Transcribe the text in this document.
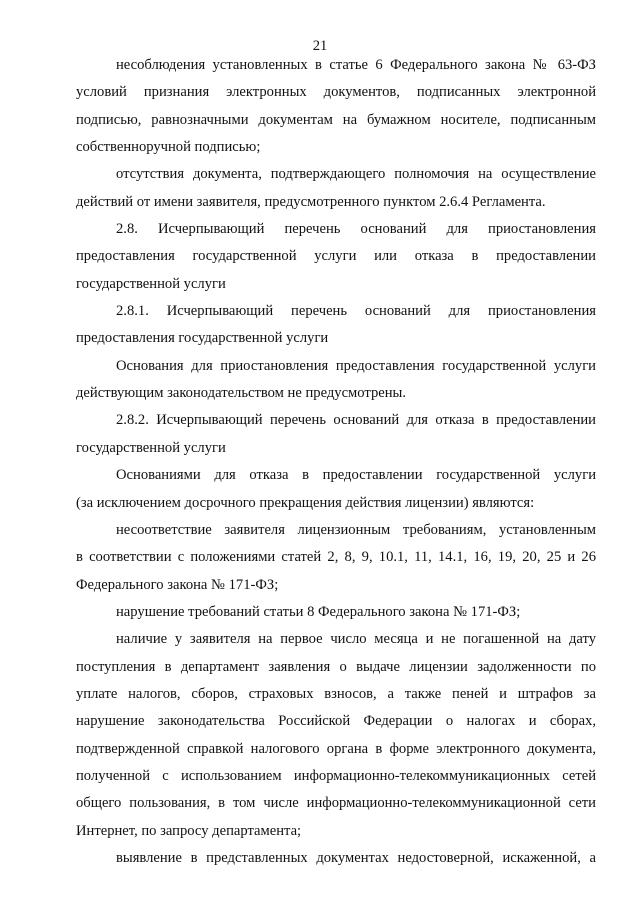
21
несоблюдения установленных в статье 6 Федерального закона № 63-ФЗ
условий признания электронных документов, подписанных электронной
подписью, равнозначными документам на бумажном носителе, подписанным
собственноручной подписью;
отсутствия документа, подтверждающего полномочия на осуществление
действий от имени заявителя, предусмотренного пунктом 2.6.4 Регламента.
2.8. Исчерпывающий перечень оснований для приостановления
предоставления государственной услуги или отказа в предоставлении
государственной услуги
2.8.1. Исчерпывающий перечень оснований для приостановления
предоставления государственной услуги
Основания для приостановления предоставления государственной услуги
действующим законодательством не предусмотрены.
2.8.2. Исчерпывающий перечень оснований для отказа в предоставлении
государственной услуги
Основаниями для отказа в предоставлении государственной услуги
(за исключением досрочного прекращения действия лицензии) являются:
несоответствие заявителя лицензионным требованиям, установленным
в соответствии с положениями статей 2, 8, 9, 10.1, 11, 14.1, 16, 19, 20, 25 и 26
Федерального закона № 171-ФЗ;
нарушение требований статьи 8 Федерального закона № 171-ФЗ;
наличие у заявителя на первое число месяца и не погашенной на дату
поступления в департамент заявления о выдаче лицензии задолженности по
уплате налогов, сборов, страховых взносов, а также пеней и штрафов за
нарушение законодательства Российской Федерации о налогах и сборах,
подтвержденной справкой налогового органа в форме электронного документа,
полученной с использованием информационно-телекоммуникационных сетей
общего пользования, в том числе информационно-телекоммуникационной сети
Интернет, по запросу департамента;
выявление в представленных документах недостоверной, искаженной, а
